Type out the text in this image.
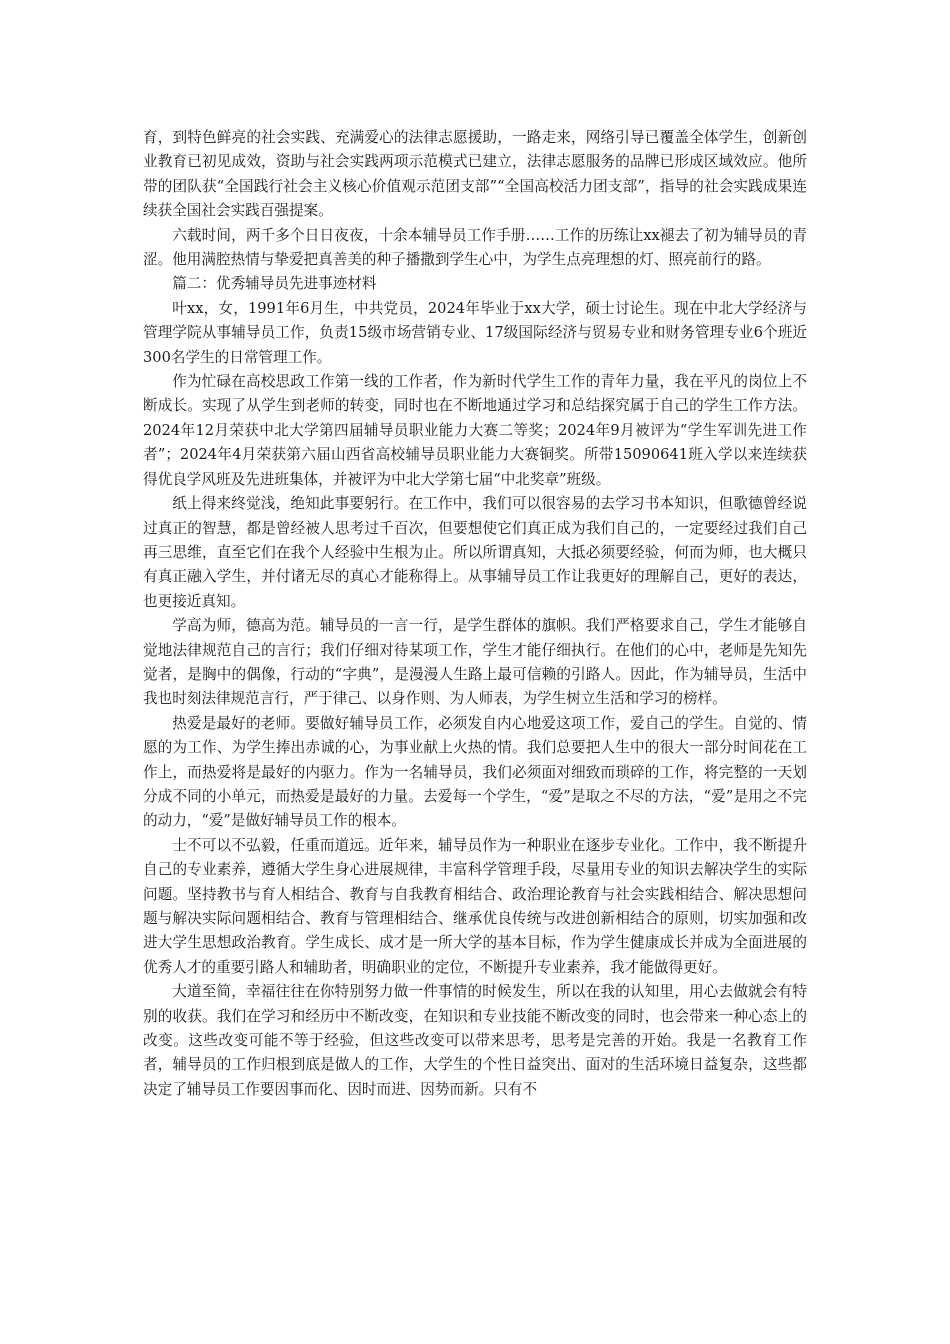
育，到特色鲜亮的社会实践、充满爱心的法律志愿援助，一路走来，网络引导已覆盖全体学生，创新创业教育已初见成效，资助与社会实践两项示范模式已建立，法律志愿服务的品牌已形成区域效应。他所带的团队获“全国践行社会主义核心价值观示范团支部”“全国高校活力团支部”，指导的社会实践成果连续获全国社会实践百强提案。

六载时间，两千多个日日夜夜，十余本辅导员工作手册……工作的历练让xx褪去了初为辅导员的青涩。他用满腔热情与挚爱把真善美的种子播撒到学生心中，为学生点亮理想的灯、照亮前行的路。

篇二：优秀辅导员先进事迹材料

叶xx，女，1991年6月生，中共党员，2024年毕业于xx大学，硕士讨论生。现在中北大学经济与管理学院从事辅导员工作，负责15级市场营销专业、17级国际经济与贸易专业和财务管理专业6个班近300名学生的日常管理工作。

作为忙碌在高校思政工作第一线的工作者，作为新时代学生工作的青年力量，我在平凡的岗位上不断成长。实现了从学生到老师的转变，同时也在不断地通过学习和总结探究属于自己的学生工作方法。2024年12月荣获中北大学第四届辅导员职业能力大赛二等奖；2024年9月被评为“学生军训先进工作者”；2024年4月荣获第六届山西省高校辅导员职业能力大赛铜奖。所带15090641班入学以来连续获得优良学风班及先进班集体，并被评为中北大学第七届“中北奖章”班级。

纸上得来终觉浅，绝知此事要躬行。在工作中，我们可以很容易的去学习书本知识，但歌德曾经说过真正的智慧，都是曾经被人思考过千百次，但要想使它们真正成为我们自己的，一定要经过我们自己再三思维，直至它们在我个人经验中生根为止。所以所谓真知，大抵必须要经验，何而为师，也大概只有真正融入学生，并付诸无尽的真心才能称得上。从事辅导员工作让我更好的理解自己，更好的表达，也更接近真知。

学高为师，德高为范。辅导员的一言一行，是学生群体的旗帜。我们严格要求自己，学生才能够自觉地法律规范自己的言行；我们仔细对待某项工作，学生才能仔细执行。在他们的心中，老师是先知先觉者，是胸中的偶像，行动的“字典”，是漫漫人生路上最可信赖的引路人。因此，作为辅导员，生活中我也时刻法律规范言行，严于律己、以身作则、为人师表，为学生树立生活和学习的榜样。

热爱是最好的老师。要做好辅导员工作，必须发自内心地爱这项工作，爱自己的学生。自觉的、情愿的为工作、为学生捧出赤诚的心，为事业献上火热的情。我们总要把人生中的很大一部分时间花在工作上，而热爱将是最好的内驱力。作为一名辅导员，我们必须面对细致而琐碎的工作，将完整的一天划分成不同的小单元，而热爱是最好的力量。去爱每一个学生，“爱”是取之不尽的方法，“爱”是用之不完的动力，“爱”是做好辅导员工作的根本。

士不可以不弘毅，任重而道远。近年来，辅导员作为一种职业在逐步专业化。工作中，我不断提升自己的专业素养，遵循大学生身心进展规律，丰富科学管理手段，尽量用专业的知识去解决学生的实际问题。坚持教书与育人相结合、教育与自我教育相结合、政治理论教育与社会实践相结合、解决思想问题与解决实际问题相结合、教育与管理相结合、继承优良传统与改进创新相结合的原则，切实加强和改进大学生思想政治教育。学生成长、成才是一所大学的基本目标，作为学生健康成长并成为全面进展的优秀人才的重要引路人和辅助者，明确职业的定位，不断提升专业素养，我才能做得更好。

大道至简，幸福往往在你特别努力做一件事情的时候发生，所以在我的认知里，用心去做就会有特别的收获。我们在学习和经历中不断改变，在知识和专业技能不断改变的同时，也会带来一种心态上的改变。这些改变可能不等于经验，但这些改变可以带来思考，思考是完善的开始。我是一名教育工作者，辅导员的工作归根到底是做人的工作，大学生的个性日益突出、面对的生活环境日益复杂，这些都决定了辅导员工作要因事而化、因时而进、因势而新。只有不
